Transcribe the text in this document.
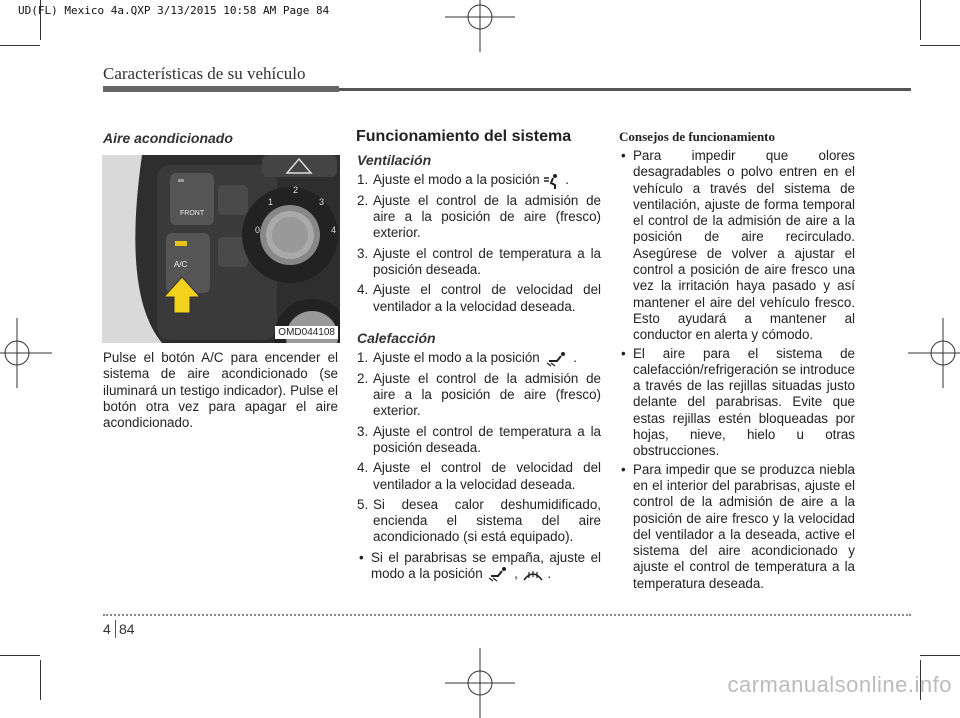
UD(FL) Mexico 4a.QXP 3/13/2015 10:58 AM Page 84
Características de su vehículo
Aire acondicionado
FRONT
A/C
0
1
2
3
4
OMD044108
Pulse el botón A/C para encender el sistema de aire acondicionado (se iluminará un testigo indicador). Pulse el botón otra vez para apagar el aire acondicionado.
Funcionamiento del sistema
Ventilación
1. Ajuste el modo a la posición .
2. Ajuste el control de la admisión de aire a la posición de aire (fresco) exterior.
3. Ajuste el control de temperatura a la posición deseada.
4. Ajuste el control de velocidad del ventilador a la velocidad deseada.
Calefacción
1. Ajuste el modo a la posición .
2. Ajuste el control de la admisión de aire a la posición de aire (fresco) exterior.
3. Ajuste el control de temperatura a la posición deseada.
4. Ajuste el control de velocidad del ventilador a la velocidad deseada.
5. Si desea calor deshumidificado, encienda el sistema del aire acondicionado (si está equipado).
• Si el parabrisas se empaña, ajuste el modo a la posición , .
Consejos de funcionamiento
• Para impedir que olores desagradables o polvo entren en el vehículo a través del sistema de ventilación, ajuste de forma temporal el control de la admisión de aire a la posición de aire recirculado. Asegúrese de volver a ajustar el control a posición de aire fresco una vez la irritación haya pasado y así mantener el aire del vehículo fresco. Esto ayudará a mantener al conductor en alerta y cómodo.
• El aire para el sistema de calefacción/refrigeración se introduce a través de las rejillas situadas justo delante del parabrisas. Evite que estas rejillas estén bloqueadas por hojas, nieve, hielo u otras obstrucciones.
• Para impedir que se produzca niebla en el interior del parabrisas, ajuste el control de la admisión de aire a la posición de aire fresco y la velocidad del ventilador a la deseada, active el sistema del aire acondicionado y ajuste el control de temperatura a la temperatura deseada.
4 84
carmanualsonline.info
